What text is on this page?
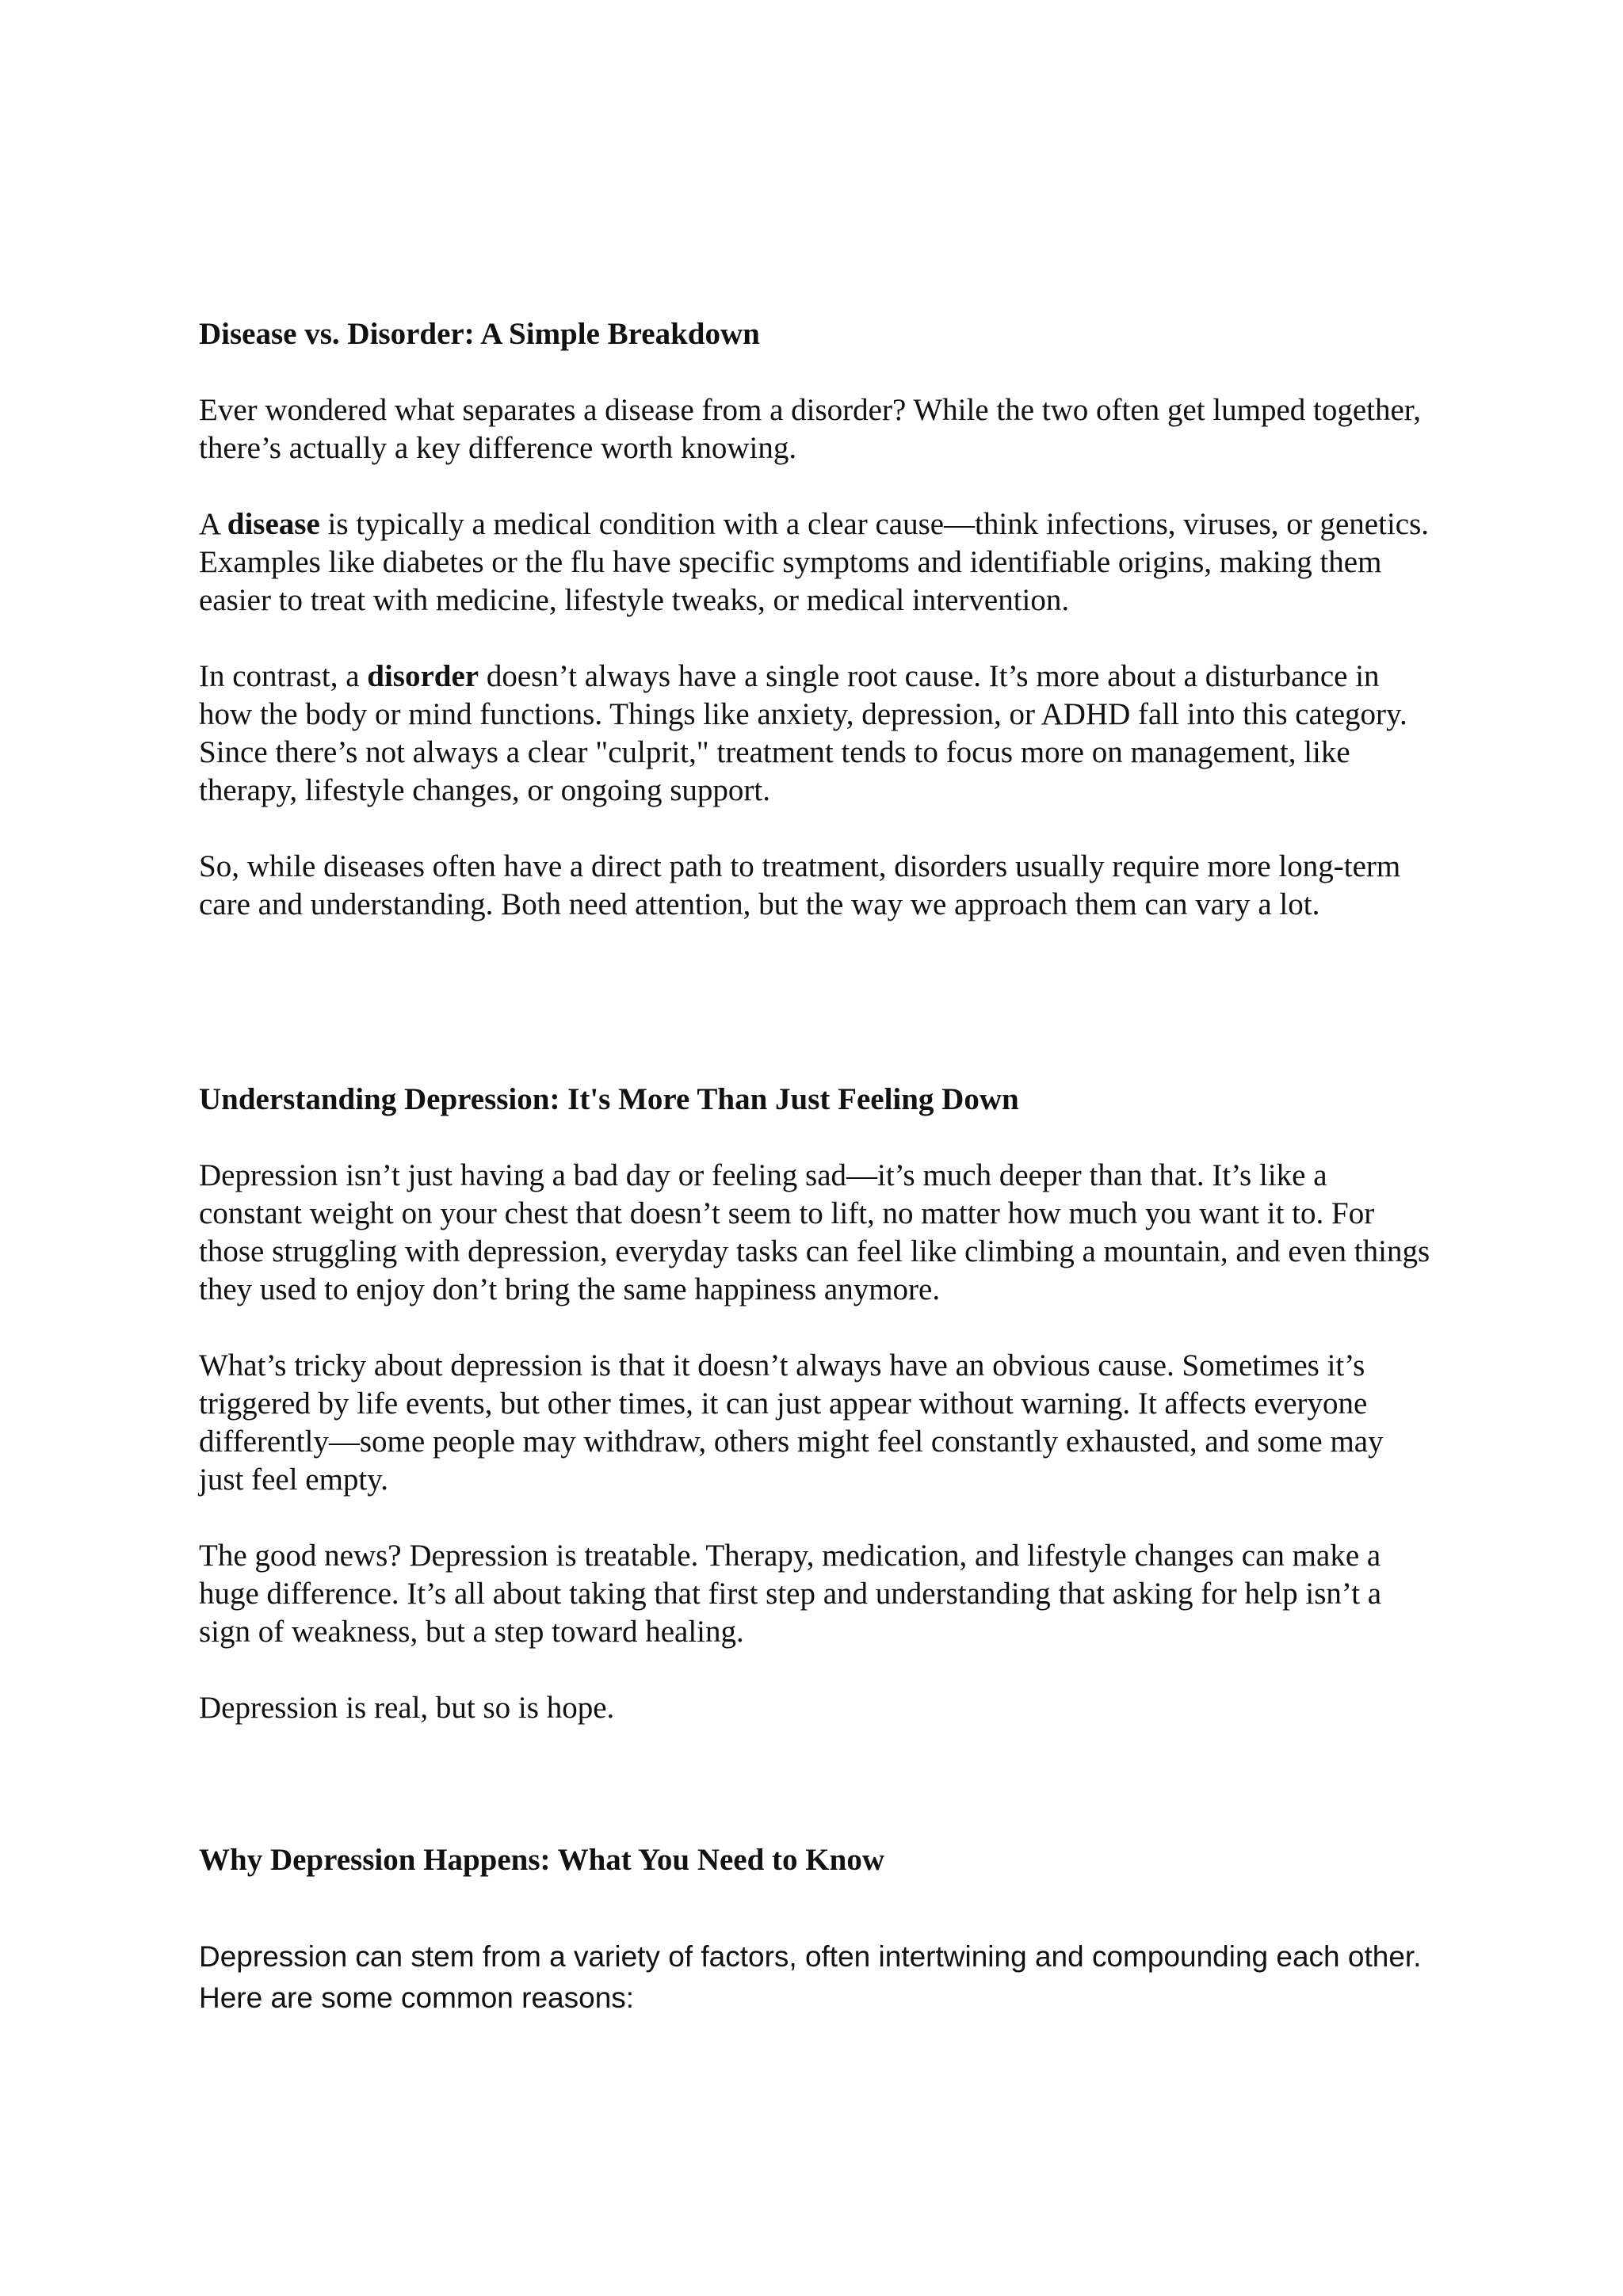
Disease vs. Disorder: A Simple Breakdown

Ever wondered what separates a disease from a disorder? While the two often get lumped together, there’s actually a key difference worth knowing.

A disease is typically a medical condition with a clear cause—think infections, viruses, or genetics. Examples like diabetes or the flu have specific symptoms and identifiable origins, making them easier to treat with medicine, lifestyle tweaks, or medical intervention.

In contrast, a disorder doesn’t always have a single root cause. It’s more about a disturbance in how the body or mind functions. Things like anxiety, depression, or ADHD fall into this category. Since there’s not always a clear "culprit," treatment tends to focus more on management, like therapy, lifestyle changes, or ongoing support.

So, while diseases often have a direct path to treatment, disorders usually require more long-term care and understanding. Both need attention, but the way we approach them can vary a lot.

Understanding Depression: It's More Than Just Feeling Down

Depression isn’t just having a bad day or feeling sad—it’s much deeper than that. It’s like a constant weight on your chest that doesn’t seem to lift, no matter how much you want it to. For those struggling with depression, everyday tasks can feel like climbing a mountain, and even things they used to enjoy don’t bring the same happiness anymore.

What’s tricky about depression is that it doesn’t always have an obvious cause. Sometimes it’s triggered by life events, but other times, it can just appear without warning. It affects everyone differently—some people may withdraw, others might feel constantly exhausted, and some may just feel empty.

The good news? Depression is treatable. Therapy, medication, and lifestyle changes can make a huge difference. It’s all about taking that first step and understanding that asking for help isn’t a sign of weakness, but a step toward healing.

Depression is real, but so is hope.

Why Depression Happens: What You Need to Know

Depression can stem from a variety of factors, often intertwining and compounding each other. Here are some common reasons:
